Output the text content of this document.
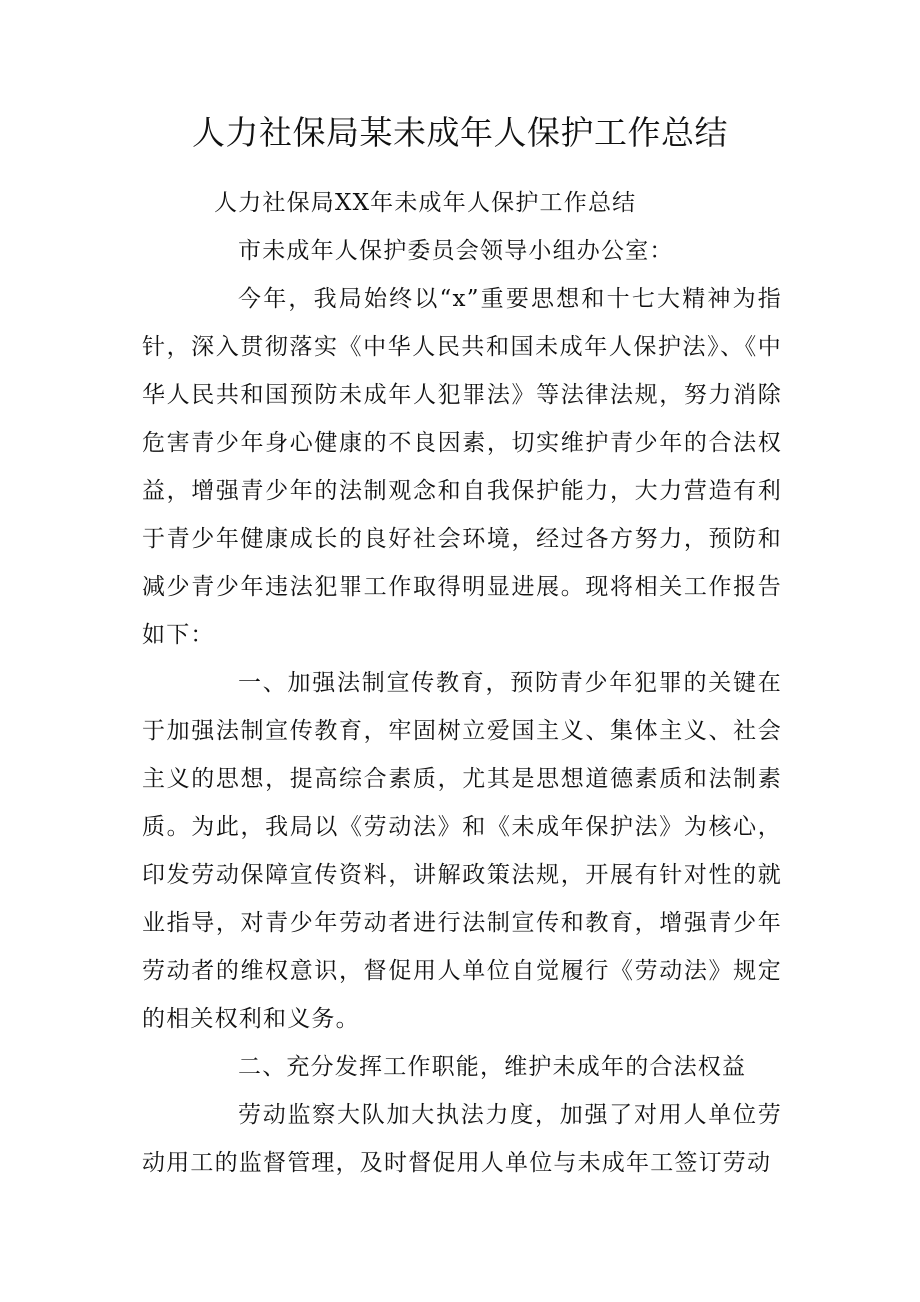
人力社保局某未成年人保护工作总结

人力社保局XX年未成年人保护工作总结

市未成年人保护委员会领导小组办公室：

今年，我局始终以“x”重要思想和十七大精神为指针，深入贯彻落实《中华人民共和国未成年人保护法》、《中华人民共和国预防未成年人犯罪法》等法律法规，努力消除危害青少年身心健康的不良因素，切实维护青少年的合法权益，增强青少年的法制观念和自我保护能力，大力营造有利于青少年健康成长的良好社会环境，经过各方努力，预防和减少青少年违法犯罪工作取得明显进展。现将相关工作报告如下：

一、加强法制宣传教育，预防青少年犯罪的关键在于加强法制宣传教育，牢固树立爱国主义、集体主义、社会主义的思想，提高综合素质，尤其是思想道德素质和法制素质。为此，我局以《劳动法》和《未成年保护法》为核心，印发劳动保障宣传资料，讲解政策法规，开展有针对性的就业指导，对青少年劳动者进行法制宣传和教育，增强青少年劳动者的维权意识，督促用人单位自觉履行《劳动法》规定的相关权利和义务。

二、充分发挥工作职能，维护未成年的合法权益

劳动监察大队加大执法力度，加强了对用人单位劳动用工的监督管理，及时督促用人单位与未成年工签订劳动
